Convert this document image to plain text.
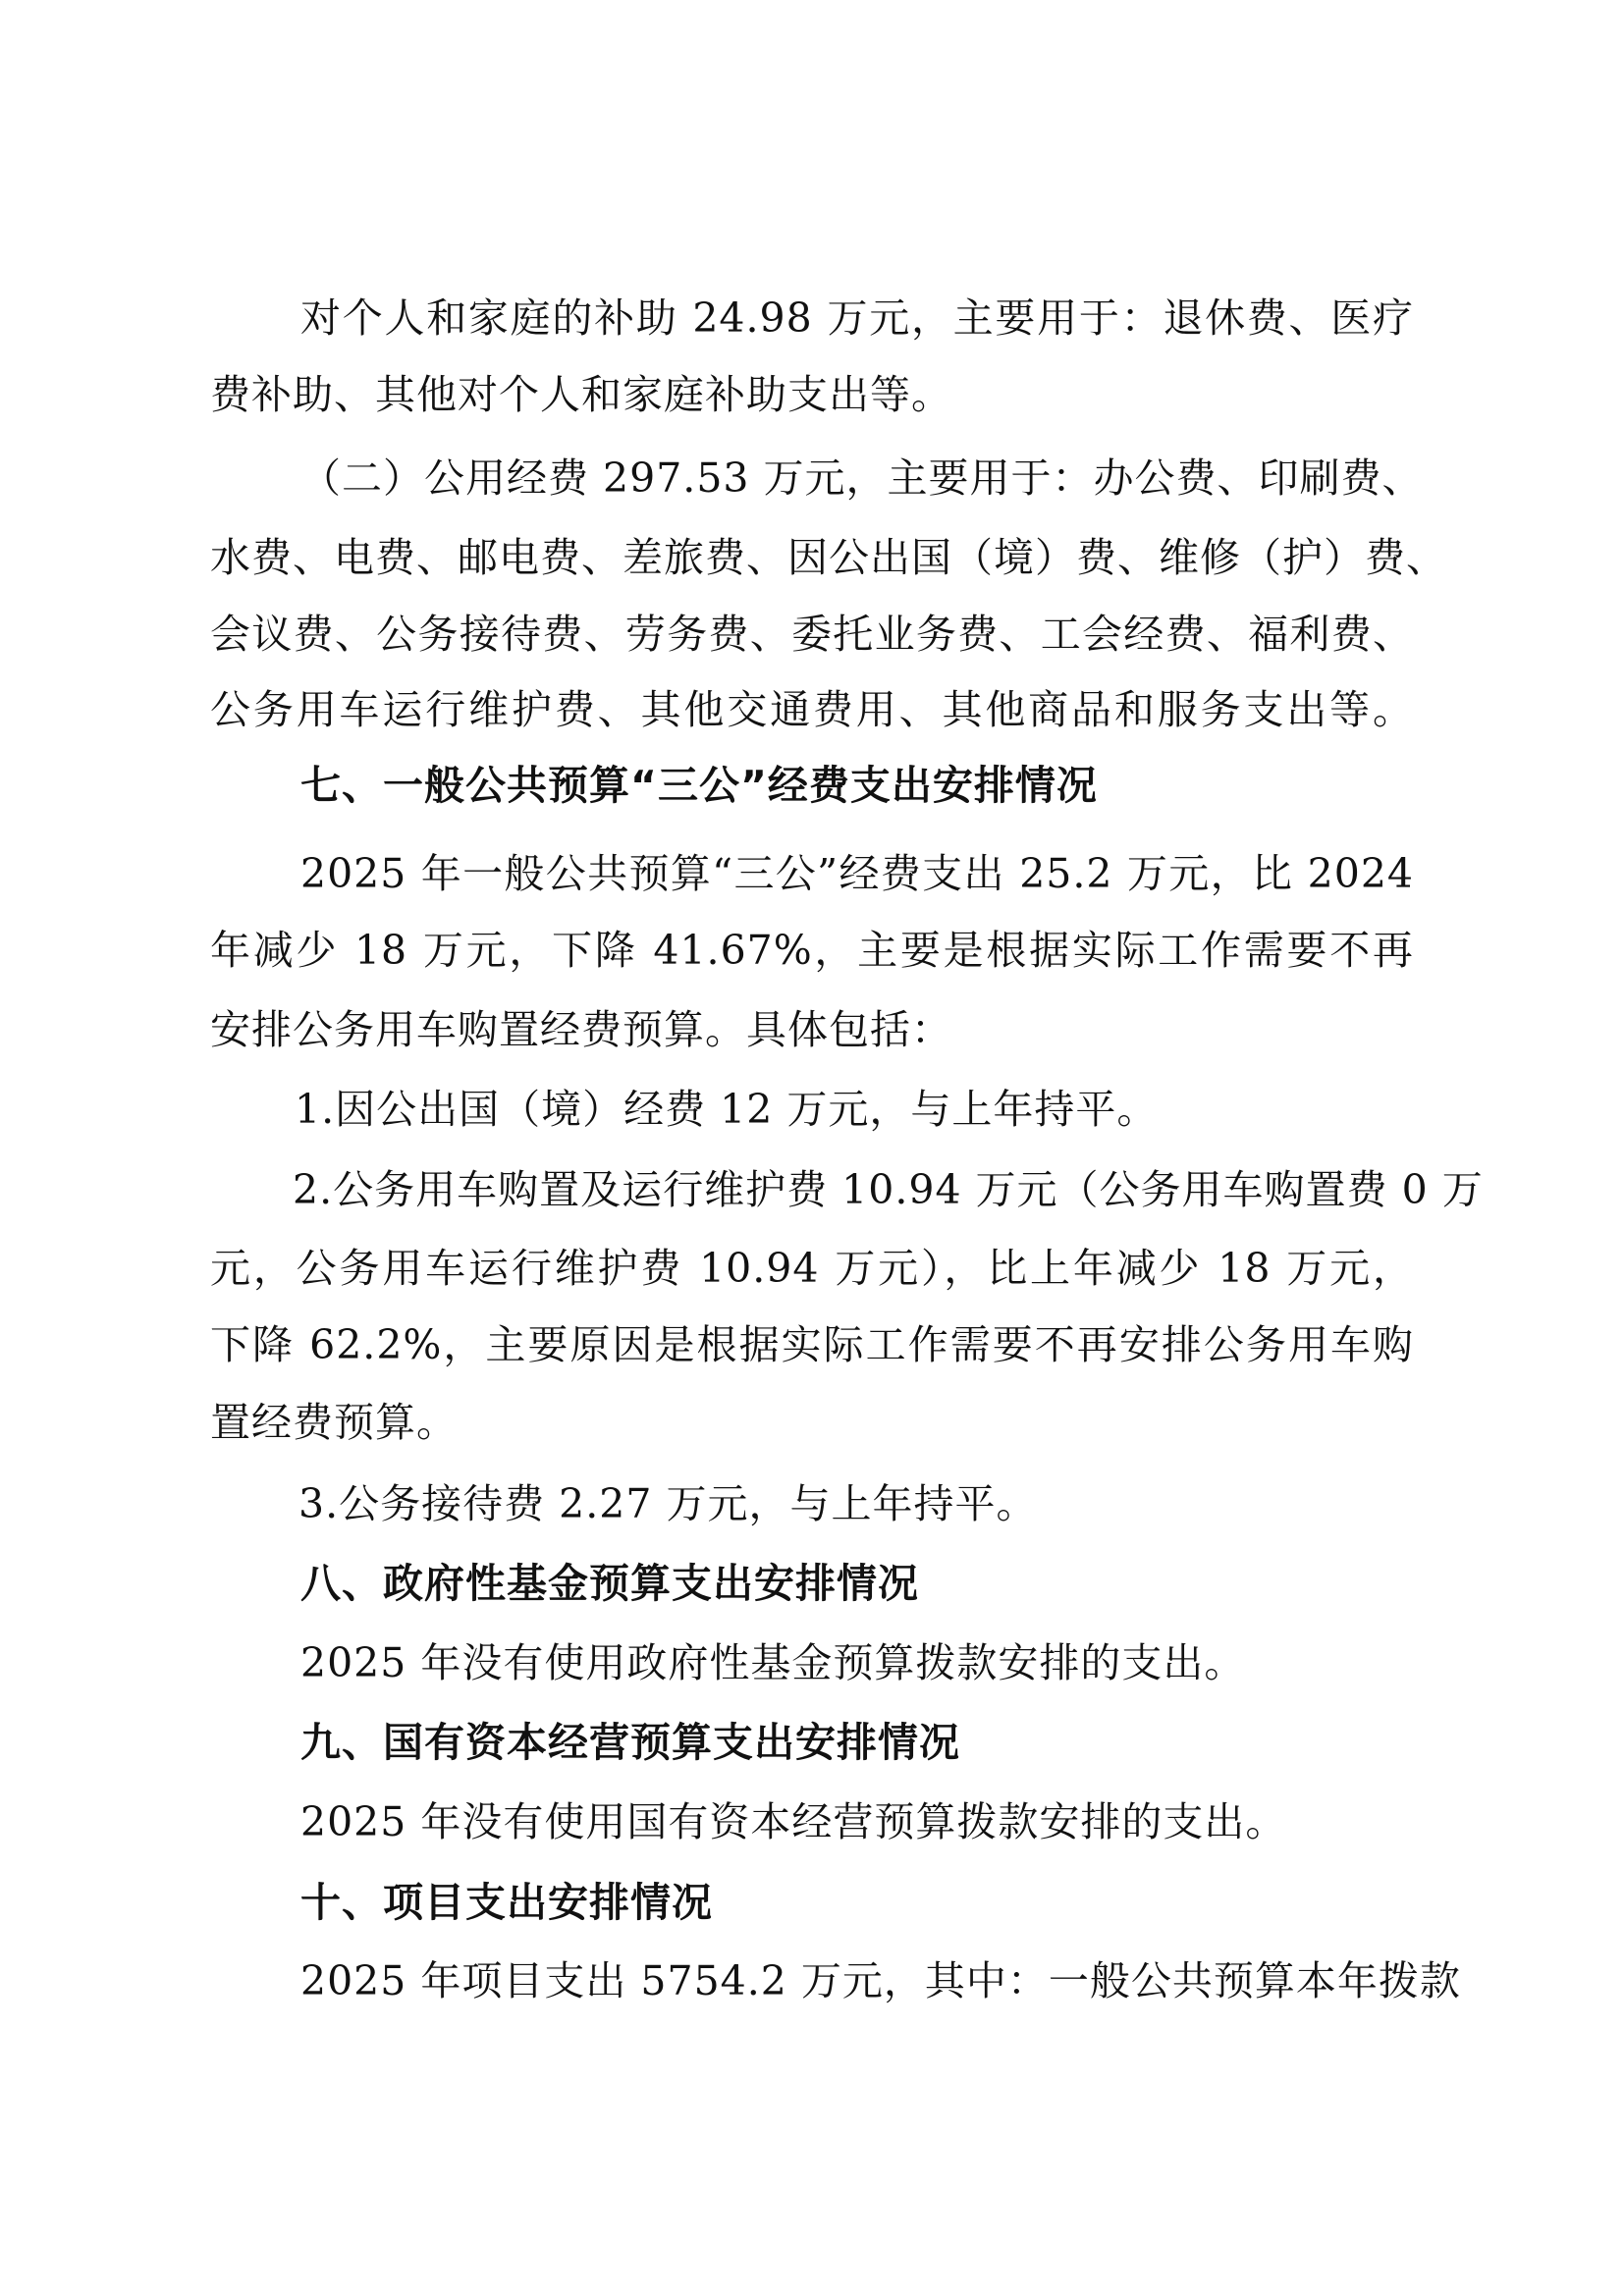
对个人和家庭的补助 24.98 万元，主要用于：退休费、医疗
费补助、其他对个人和家庭补助支出等。
（二）公用经费 297.53 万元，主要用于：办公费、印刷费、
水费、电费、邮电费、差旅费、因公出国（境）费、维修（护）费、
会议费、公务接待费、劳务费、委托业务费、工会经费、福利费、
公务用车运行维护费、其他交通费用、其他商品和服务支出等。
七、一般公共预算“三公”经费支出安排情况
2025 年一般公共预算“三公”经费支出 25.2 万元，比 2024
年减少 18 万元，下降 41.67%，主要是根据实际工作需要不再
安排公务用车购置经费预算。具体包括：
1.因公出国（境）经费 12 万元，与上年持平。
2.公务用车购置及运行维护费 10.94 万元（公务用车购置费 0 万
元，公务用车运行维护费 10.94 万元），比上年减少 18 万元，
下降 62.2%，主要原因是根据实际工作需要不再安排公务用车购
置经费预算。
3.公务接待费 2.27 万元，与上年持平。
八、政府性基金预算支出安排情况
2025 年没有使用政府性基金预算拨款安排的支出。
九、国有资本经营预算支出安排情况
2025 年没有使用国有资本经营预算拨款安排的支出。
十、项目支出安排情况
2025 年项目支出 5754.2 万元，其中：一般公共预算本年拨款
